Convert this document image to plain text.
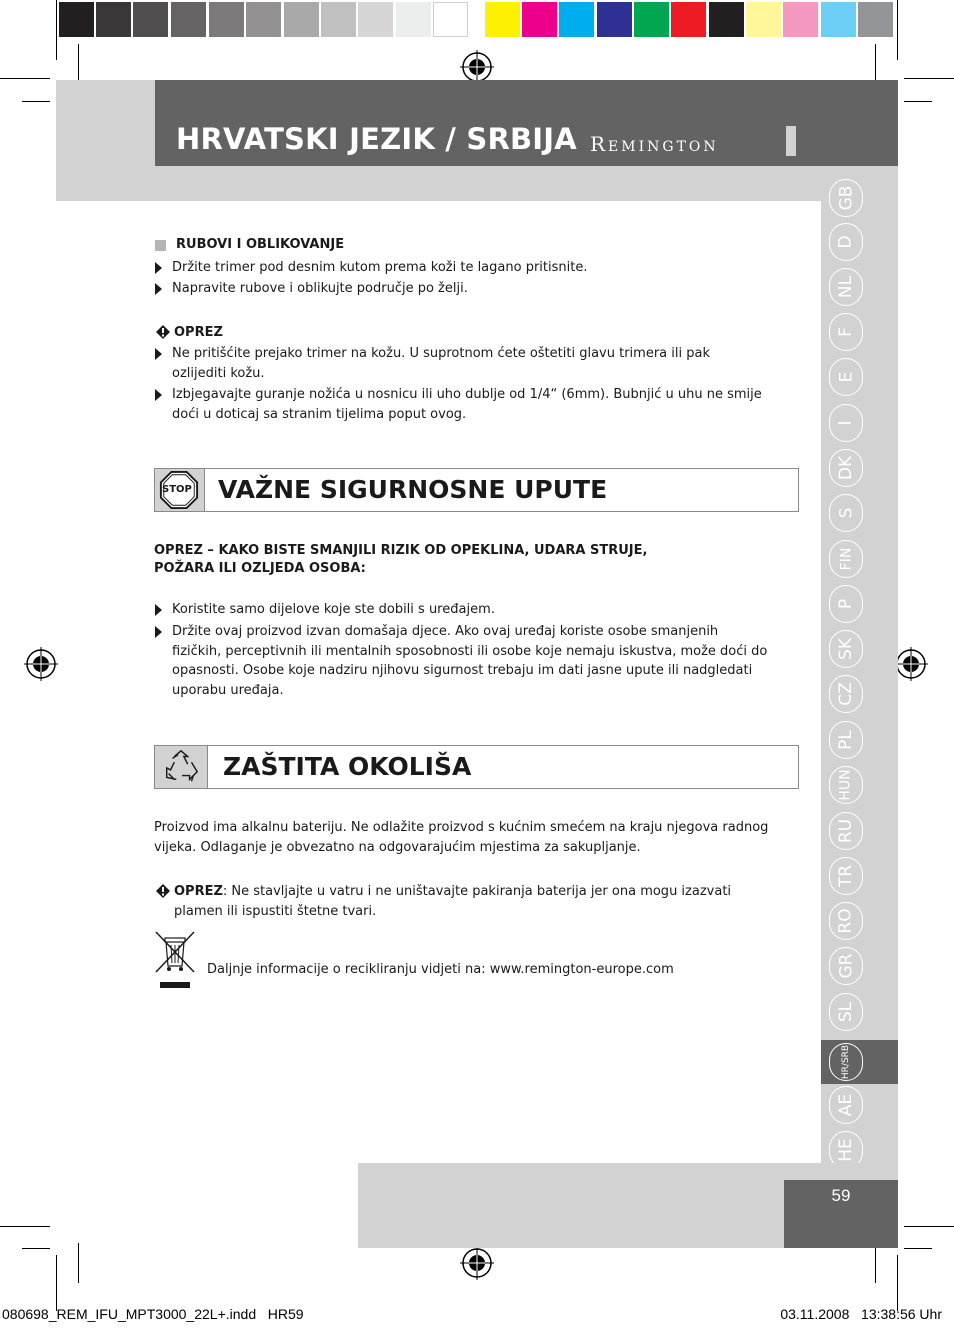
HRVATSKI JEZIK / SRBIJA Remington
GB
D
NL
F
E
I
DK
S
FIN
P
SK
CZ
PL
HUN
RU
TR
RO
GR
SL
HR/SRB
AE
HE
RUBOVI I OBLIKOVANJE
Držite trimer pod desnim kutom prema koži te lagano pritisnite.
Napravite rubove i oblikujte područje po želji.
OPREZ
Ne pritišćite prejako trimer na kožu. U suprotnom ćete oštetiti glavu trimera ili pak
ozlijediti kožu.
Izbjegavajte guranje nožića u nosnicu ili uho dublje od 1/4“ (6mm). Bubnjić u uhu ne smije
doći u doticaj sa stranim tijelima poput ovog.
STOP VAŽNE SIGURNOSNE UPUTE
OPREZ – KAKO BISTE SMANJILI RIZIK OD OPEKLINA, UDARA STRUJE,
POŽARA ILI OZLJEDA OSOBA:
Koristite samo dijelove koje ste dobili s uređajem.
Držite ovaj proizvod izvan domašaja djece. Ako ovaj uređaj koriste osobe smanjenih
fizičkih, perceptivnih ili mentalnih sposobnosti ili osobe koje nemaju iskustva, može doći do
opasnosti. Osobe koje nadziru njihovu sigurnost trebaju im dati jasne upute ili nadgledati
uporabu uređaja.
ZAŠTITA OKOLIŠA
Proizvod ima alkalnu bateriju. Ne odlažite proizvod s kućnim smećem na kraju njegova radnog
vijeka. Odlaganje je obvezatno na odgovarajućim mjestima za sakupljanje.
OPREZ: Ne stavljajte u vatru i ne uništavajte pakiranja baterija jer ona mogu izazvati
plamen ili ispustiti štetne tvari.
Daljnje informacije o recikliranju vidjeti na: www.remington-europe.com
59
080698_REM_IFU_MPT3000_22L+.indd   HR59	03.11.2008   13:38:56 Uhr
